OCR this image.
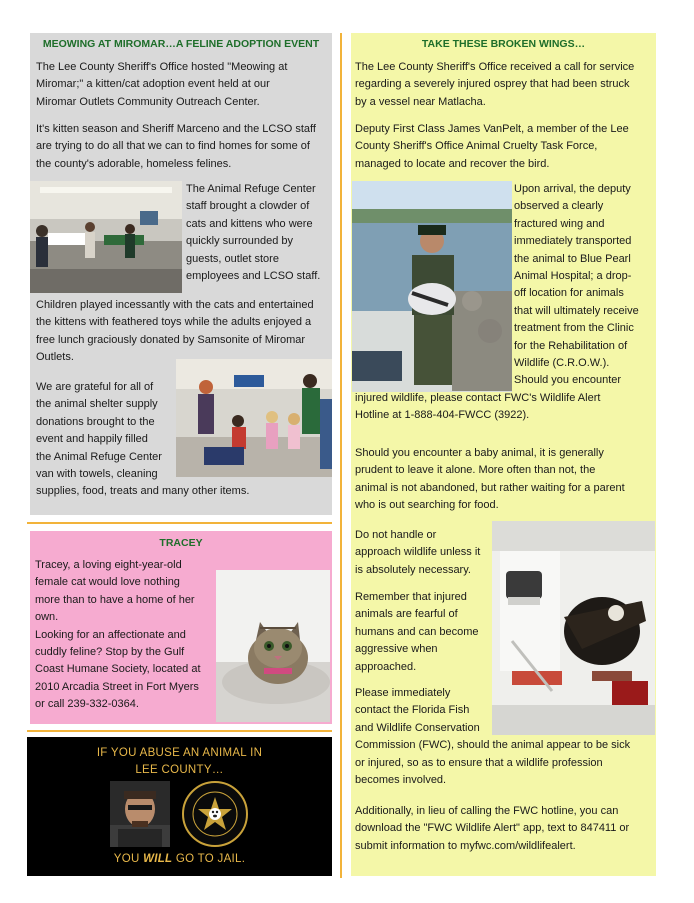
MEOWING AT MIROMAR…A FELINE ADOPTION EVENT
The Lee County Sheriff's Office hosted "Meowing at
Miromar;" a kitten/cat adoption event held at our
Miromar Outlets Community Outreach Center.
It's kitten season and Sheriff Marceno and the LCSO staff
are trying to do all that we can to find homes for some of
the county's adorable, homeless felines.
The Animal Refuge Center
staff brought a clowder of
cats and kittens who were
quickly surrounded by
guests, outlet store
employees and LCSO staff.
Children played incessantly with the cats and entertained
the kittens with feathered toys while the adults enjoyed a
free lunch graciously donated by Samsonite of Miromar
Outlets.
We are grateful for all of
the animal shelter supply
donations brought to the
event and happily filled
the Animal Refuge Center
van with towels, cleaning
supplies, food, treats and many other items.
TRACEY
Tracey, a loving eight-year-old
female cat would love nothing
more than to have a home of her
own.
Looking for an affectionate and
cuddly feline? Stop by the Gulf
Coast Humane Society, located at
2010 Arcadia Street in Fort Myers
or call 239-332-0364.
IF YOU ABUSE AN ANIMAL IN
LEE COUNTY…
YOU WILL GO TO JAIL.
TAKE THESE BROKEN WINGS…
The Lee County Sheriff's Office received a call for service
regarding a severely injured osprey that had been struck
by a vessel near Matlacha.
Deputy First Class James VanPelt, a member of the Lee
County Sheriff's Office Animal Cruelty Task Force,
managed to locate and recover the bird.
Upon arrival, the deputy
observed a clearly
fractured wing and
immediately transported
the animal to Blue Pearl
Animal Hospital; a drop-
off location for animals
that will ultimately receive
treatment from the Clinic
for the Rehabilitation of
Wildlife (C.R.O.W.).
Should you encounter
injured wildlife, please contact FWC's Wildlife Alert
Hotline at 1-888-404-FWCC (3922).
Should you encounter a baby animal, it is generally
prudent to leave it alone. More often than not, the
animal is not abandoned, but rather waiting for a parent
who is out searching for food.
Do not handle or
approach wildlife unless it
is absolutely necessary.
Remember that injured
animals are fearful of
humans and can become
aggressive when
approached.
Please immediately
contact the Florida Fish
and Wildlife Conservation
Commission (FWC), should the animal appear to be sick
or injured, so as to ensure that a wildlife profession
becomes involved.
Additionally, in lieu of calling the FWC hotline, you can
download the "FWC Wildlife Alert" app, text to 847411 or
submit information to myfwc.com/wildlifealert.
